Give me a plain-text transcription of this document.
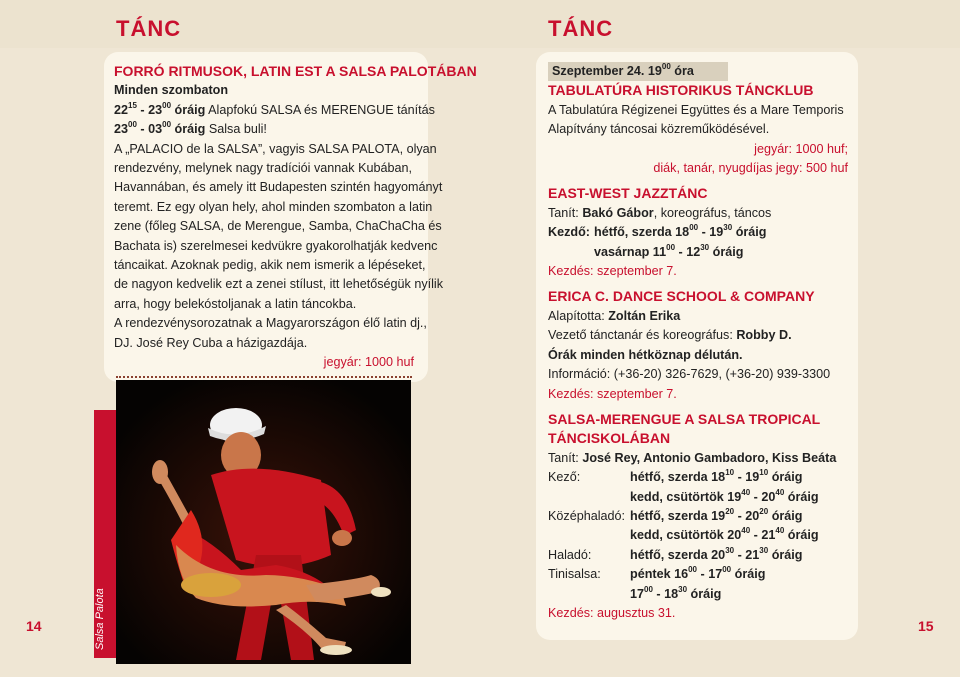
TÁNC
FORRÓ RITMUSOK, LATIN EST A SALSA PALOTÁBAN
Minden szombaton
$22^{15} - 23^{00}$ óráig Alapfokú SALSA és MERENGUE tánítás
$23^{00} - 03^{00}$ óráig Salsa buli!
A „PALACIO de la SALSA”, vagyis SALSA PALOTA, olyan
rendezvény, melynek nagy tradíciói vannak Kubában,
Havannában, és amely itt Budapesten szintén hagyományt
teremt. Ez egy olyan hely, ahol minden szombaton a latin
zene (főleg SALSA, de Merengue, Samba, ChaChaCha és
Bachata is) szerelmesei kedvükre gyakorolhatják kedvenc
táncaikat. Azoknak pedig, akik nem ismerik a lépéseket,
de nagyon kedvelik ezt a zenei stílust, itt lehetőségük nyílik
arra, hogy belekóstoljanak a latin táncokba.
A rendezvénysorozatnak a Magyarországon élő latin dj.,
DJ. José Rey Cuba a házigazdája.
jegyár: 1000 huf
Salsa Palota
14
TÁNC
Szeptember 24. $19^{00}$ óra
TABULATÚRA HISTORIKUS TÁNCKLUB
A Tabulatúra Régizenei Együttes és a Mare Temporis
Alapítvány táncosai közreműködésével.
jegyár: 1000 huf;
diák, tanár, nyugdíjas jegy: 500 huf
EAST-WEST JAZZTÁNC
Tanít: Bakó Gábor, koreográfus, táncos
Kezdő: hétfő, szerda $18^{00} - 19^{30}$ óráig
vasárnap $11^{00} - 12^{30}$ óráig
Kezdés: szeptember 7.
ERICA C. DANCE SCHOOL & COMPANY
Alapította: Zoltán Erika
Vezető tánctanár és koreográfus: Robby D.
Órák minden hétköznap délután.
Információ: (+36-20) 326-7629, (+36-20) 939-3300
Kezdés: szeptember 7.
SALSA-MERENGUE A SALSA TROPICAL
TÁNCISKOLÁBAN
Tanít: José Rey, Antonio Gambadoro, Kiss Beáta
Kező:	hétfő, szerda $18^{10} - 19^{10}$ óráig
kedd, csütörtök $19^{40} - 20^{40}$ óráig
Középhaladó: hétfő, szerda $19^{20} - 20^{20}$ óráig
kedd, csütörtök $20^{40} - 21^{40}$ óráig
Haladó:	hétfő, szerda $20^{30} - 21^{30}$ óráig
Tinisalsa:	péntek $16^{00} - 17^{00}$ óráig
$17^{00} - 18^{30}$ óráig
Kezdés: augusztus 31.
15
